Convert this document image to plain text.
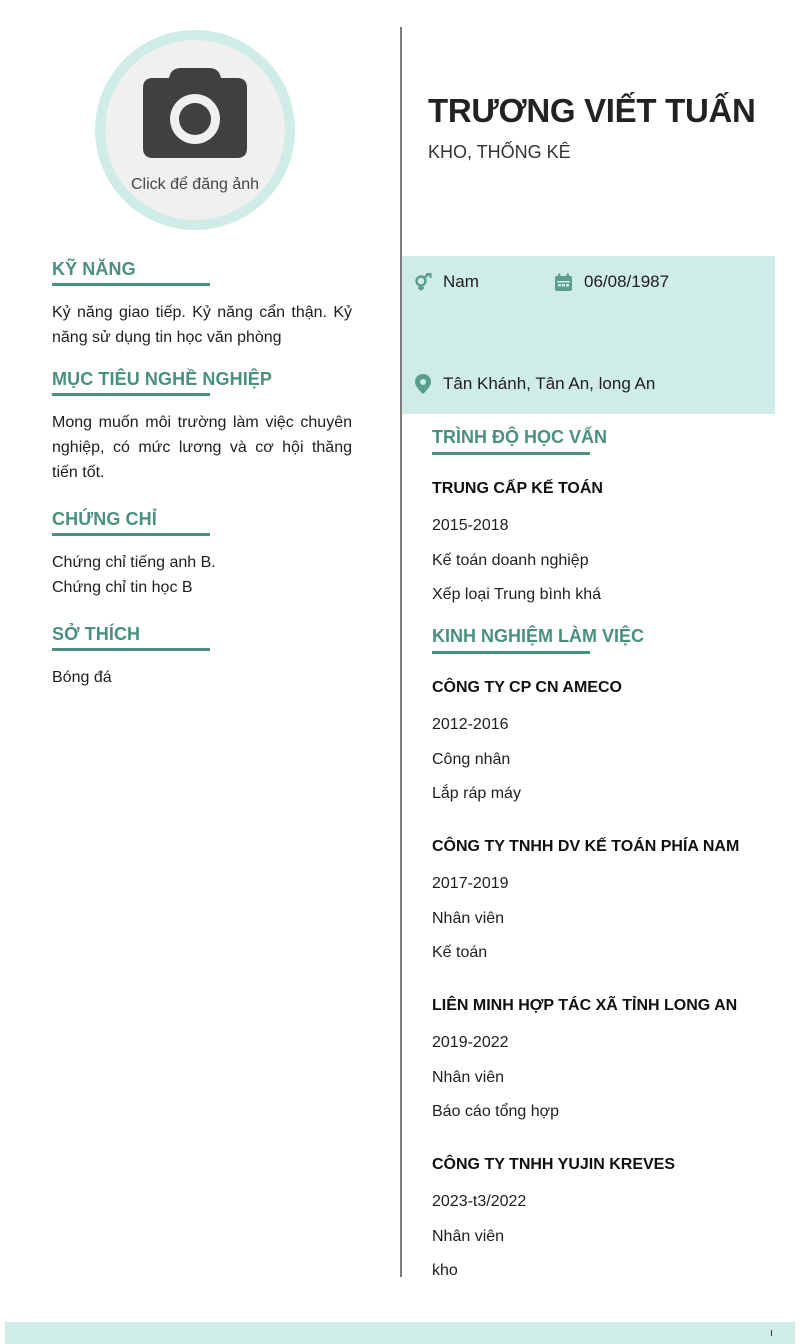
Click để đăng ảnh
KỸ NĂNG
Kỷ năng giao tiếp. Kỷ năng cẩn thận. Kỷ năng sử dụng tin học văn phòng
MỤC TIÊU NGHỀ NGHIỆP
Mong muốn môi trường làm việc chuyên nghiệp, có mức lương và cơ hội thăng tiến tốt.
CHỨNG CHỈ
Chứng chỉ tiếng anh B.
Chứng chỉ tin học B
SỞ THÍCH
Bóng đá
TRƯƠNG VIẾT TUẤN
KHO, THỐNG KÊ
Nam	06/08/1987
Tân Khánh, Tân An, long An
TRÌNH ĐỘ HỌC VẤN
TRUNG CẤP KẾ TOÁN
2015-2018
Kế toán doanh nghiệp
Xếp loại Trung bình khá
KINH NGHIỆM LÀM VIỆC
CÔNG TY CP CN AMECO
2012-2016
Công nhân
Lắp ráp máy
CÔNG TY TNHH DV KẾ TOÁN PHÍA NAM
2017-2019
Nhân viên
Kế toán
LIÊN MINH HỢP TÁC XÃ TỈNH LONG AN
2019-2022
Nhân viên
Báo cáo tổng hợp
CÔNG TY TNHH YUJIN KREVES
2023-t3/2022
Nhân viên
kho
ı
